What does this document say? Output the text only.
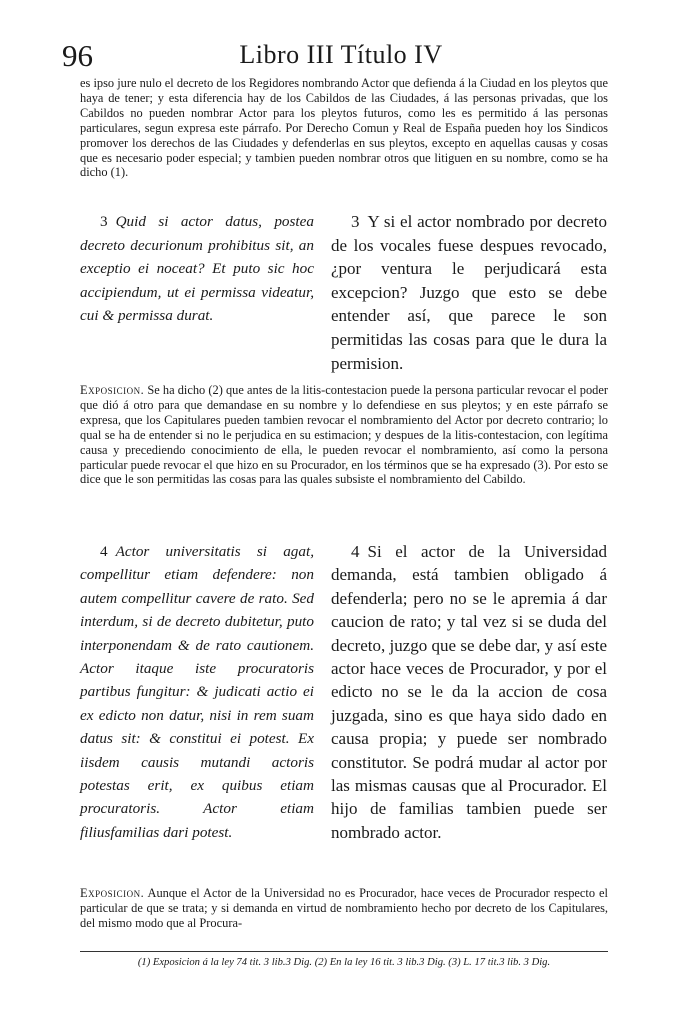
96	Libro III Título IV
es ipso jure nulo el decreto de los Regidores nombrando Actor que defienda á la Ciudad en los pleytos que haya de tener; y esta diferencia hay de los Cabildos de las Ciudades, á las personas privadas, que los Cabildos no pueden nombrar Actor para los pleytos futuros, como les es permitido á las personas particulares, segun expresa este párrafo. Por Derecho Comun y Real de España pueden hoy los Sindicos promover los derechos de las Ciudades y defenderlas en sus pleytos, excepto en aquellas causas y cosas que es necesario poder especial; y tambien pueden nombrar otros que litiguen en su nombre, como se ha dicho (1).
3 Quid si actor datus, postea decreto decurionum prohibitus sit, an exceptio ei noceat? Et puto sic hoc accipiendum, ut ei permissa videatur, cui & permissa durat.
3 Y si el actor nombrado por decreto de los vocales fuese despues revocado, ¿por ventura le perjudicará esta excepcion? Juzgo que esto se debe entender así, que parece le son permitidas las cosas para que le dura la permision.
Exposicion. Se ha dicho (2) que antes de la litis-contestacion puede la persona particular revocar el poder que dió á otro para que demandase en su nombre y lo defendiese en sus pleytos; y en este párrafo se expresa, que los Capitulares pueden tambien revocar el nombramiento del Actor por decreto contrario; lo qual se ha de entender si no le perjudica en su estimacion; y despues de la litis-contestacion, con legítima causa y precediendo conocimiento de ella, le pueden revocar el nombramiento, así como la persona particular puede revocar el que hizo en su Procurador, en los términos que se ha expresado (3). Por esto se dice que le son permitidas las cosas para las quales subsiste el nombramiento del Cabildo.
4 Actor universitatis si agat, compellitur etiam defendere: non autem compellitur cavere de rato. Sed interdum, si de decreto dubitetur, puto interponendam & de rato cautionem. Actor itaque iste procuratoris partibus fungitur: & judicati actio ei ex edicto non datur, nisi in rem suam datus sit: & constitui ei potest. Ex iisdem causis mutandi actoris potestas erit, ex quibus etiam procuratoris. Actor etiam filiusfamilias dari potest.
4 Si el actor de la Universidad demanda, está tambien obligado á defenderla; pero no se le apremia á dar caucion de rato; y tal vez si se duda del decreto, juzgo que se debe dar, y así este actor hace veces de Procurador, y por el edicto no se le da la accion de cosa juzgada, sino es que haya sido dado en causa propia; y puede ser nombrado constitutor. Se podrá mudar al actor por las mismas causas que al Procurador. El hijo de familias tambien puede ser nombrado actor.
Exposicion. Aunque el Actor de la Universidad no es Procurador, hace veces de Procurador respecto el particular de que se trata; y si demanda en virtud de nombramiento hecho por decreto de los Capitulares, del mismo modo que al Procura-
(1) Exposicion á la ley 74 tit. 3 lib.3 Dig. (2) En la ley 16 tit. 3 lib.3 Dig. (3) L. 17 tit.3 lib. 3 Dig.
